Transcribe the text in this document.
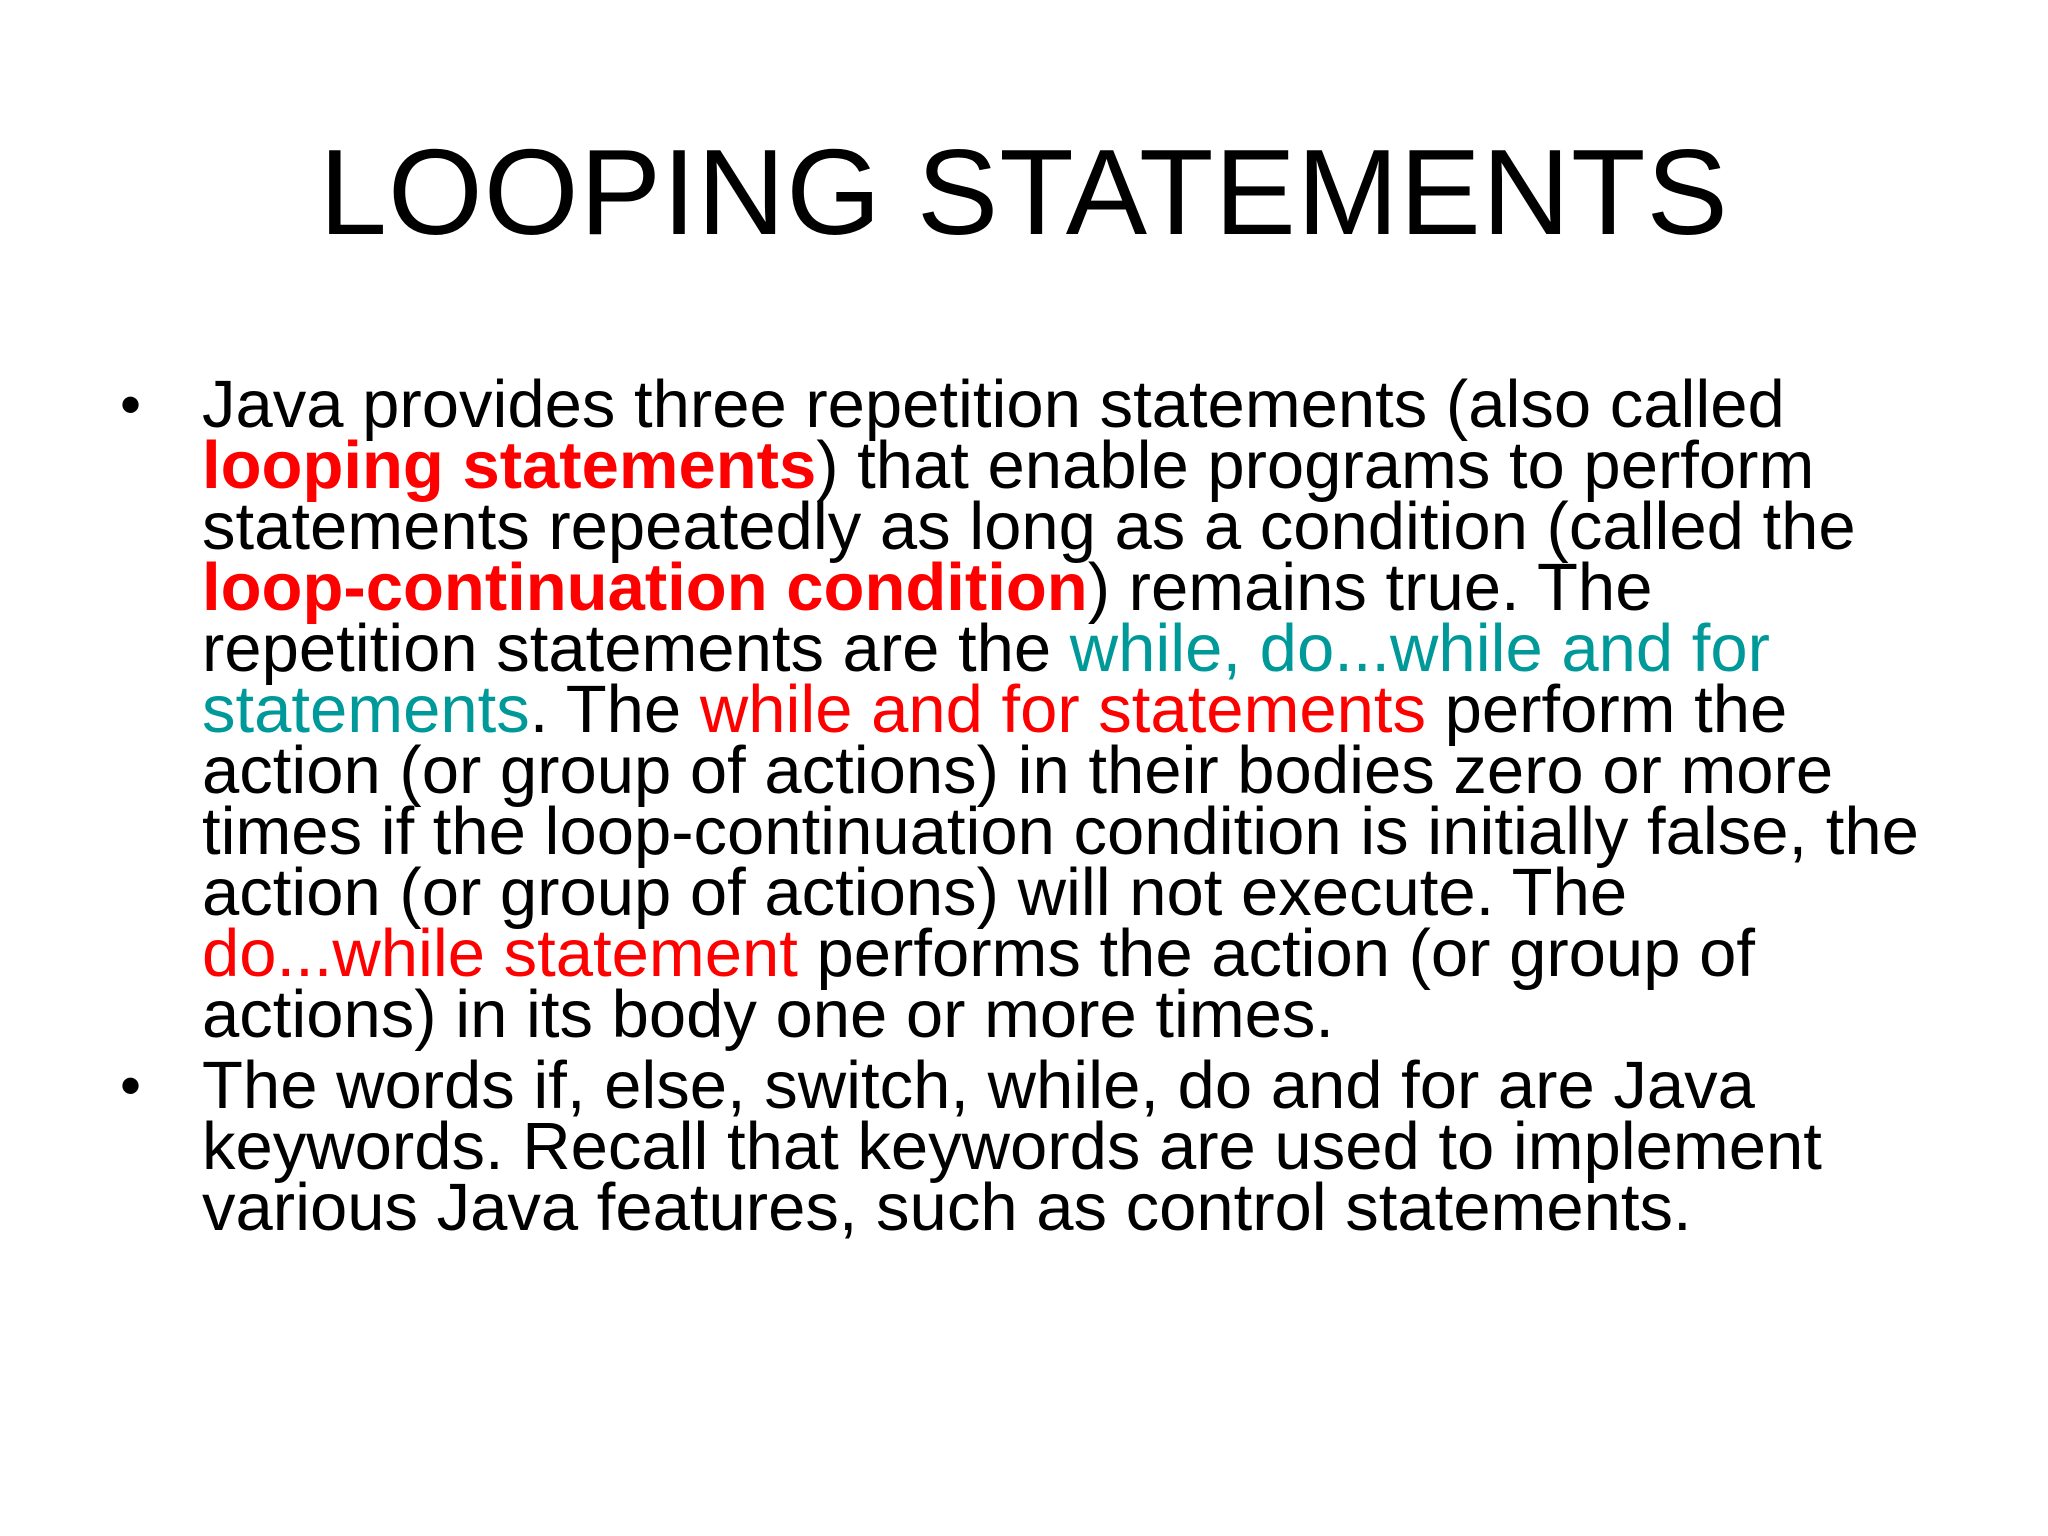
LOOPING STATEMENTS
• Java provides three repetition statements (also called looping statements) that enable programs to perform statements repeatedly as long as a condition (called the loop-continuation condition) remains true. The repetition statements are the while, do...while and for statements. The while and for statements perform the action (or group of actions) in their bodies zero or more times if the loop-continuation condition is initially false, the action (or group of actions) will not execute. The do...while statement performs the action (or group of actions) in its body one or more times.
• The words if, else, switch, while, do and for are Java keywords. Recall that keywords are used to implement various Java features, such as control statements.
